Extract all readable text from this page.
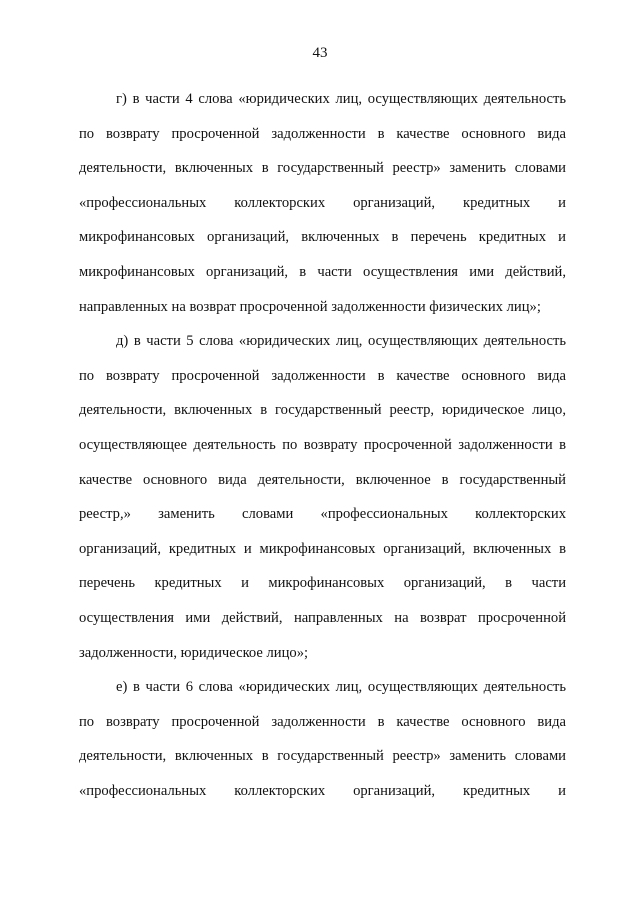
43

г) в части 4 слова «юридических лиц, осуществляющих деятельность
по возврату просроченной задолженности в качестве основного вида
деятельности, включенных в государственный реестр» заменить словами
«профессиональных коллекторских организаций, кредитных и
микрофинансовых организаций, включенных в перечень кредитных и
микрофинансовых организаций, в части осуществления ими действий,
направленных на возврат просроченной задолженности физических лиц»;

д) в части 5 слова «юридических лиц, осуществляющих деятельность
по возврату просроченной задолженности в качестве основного вида
деятельности, включенных в государственный реестр, юридическое лицо,
осуществляющее деятельность по возврату просроченной задолженности в
качестве основного вида деятельности, включенное в государственный
реестр,» заменить словами «профессиональных коллекторских
организаций, кредитных и микрофинансовых организаций, включенных в
перечень кредитных и микрофинансовых организаций, в части
осуществления ими действий, направленных на возврат просроченной
задолженности, юридическое лицо»;

е) в части 6 слова «юридических лиц, осуществляющих деятельность
по возврату просроченной задолженности в качестве основного вида
деятельности, включенных в государственный реестр» заменить словами
«профессиональных коллекторских организаций, кредитных и
